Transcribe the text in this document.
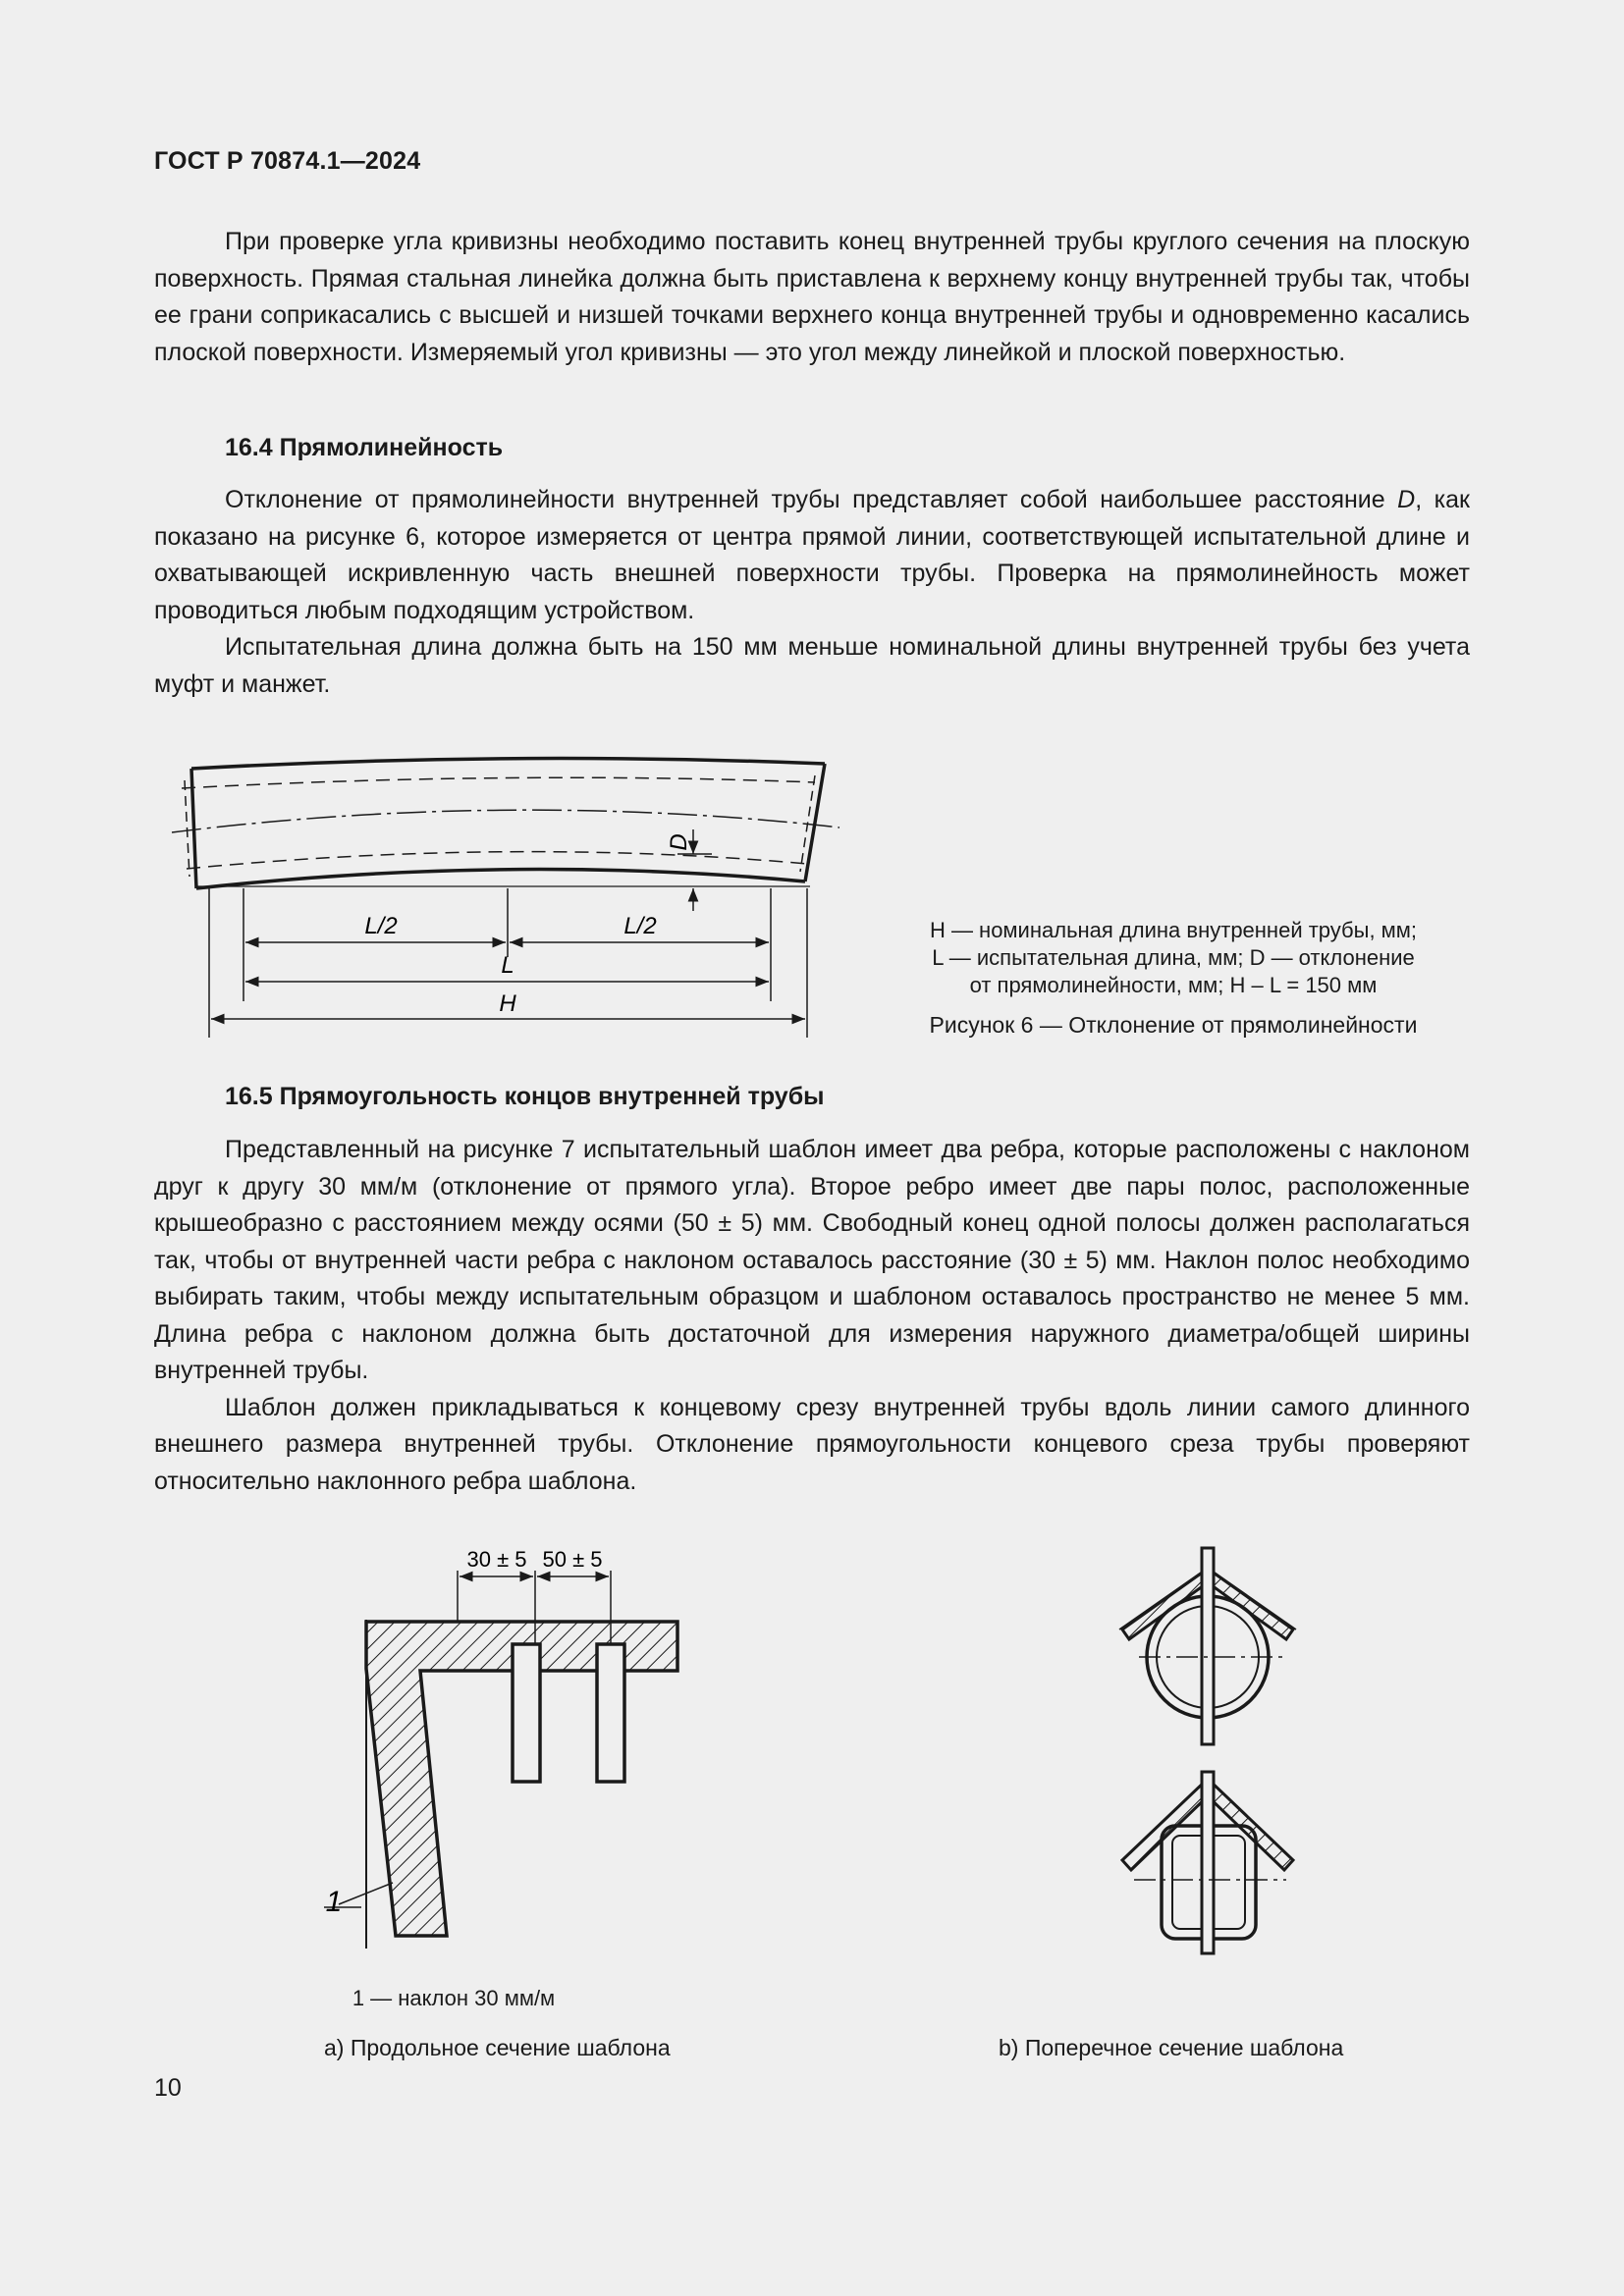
ГОСТ Р 70874.1—2024

При проверке угла кривизны необходимо поставить конец внутренней трубы круглого сечения на плоскую поверхность. Прямая стальная линейка должна быть приставлена к верхнему концу внутренней трубы так, чтобы ее грани соприкасались с высшей и низшей точками верхнего конца внутренней трубы и одновременно касались плоской поверхности. Измеряемый угол кривизны — это угол между линейкой и плоской поверхностью.

16.4 Прямолинейность

Отклонение от прямолинейности внутренней трубы представляет собой наибольшее расстояние D, как показано на рисунке 6, которое измеряется от центра прямой линии, соответствующей испытательной длине и охватывающей искривленную часть внешней поверхности трубы. Проверка на прямолинейность может проводиться любым подходящим устройством.

Испытательная длина должна быть на 150 мм меньше номинальной длины внутренней трубы без учета муфт и манжет.

L/2	L/2
L
H
D
H — номинальная длина внутренней трубы, мм;
L — испытательная длина, мм; D — отклонение
от прямолинейности, мм; H – L = 150 мм
Рисунок 6 — Отклонение от прямолинейности
16.5 Прямоугольность концов внутренней трубы

Представленный на рисунке 7 испытательный шаблон имеет два ребра, которые расположены с наклоном друг к другу 30 мм/м (отклонение от прямого угла). Второе ребро имеет две пары полос, расположенные крышеобразно с расстоянием между осями (50 ± 5) мм. Свободный конец одной полосы должен располагаться так, чтобы от внутренней части ребра с наклоном оставалось расстояние (30 ± 5) мм. Наклон полос необходимо выбирать таким, чтобы между испытательным образцом и шаблоном оставалось пространство не менее 5 мм. Длина ребра с наклоном должна быть достаточной для измерения наружного диаметра/общей ширины внутренней трубы.

Шаблон должен прикладываться к концевому срезу внутренней трубы вдоль линии самого длинного внешнего размера внутренней трубы. Отклонение прямоугольности концевого среза трубы проверяют относительно наклонного ребра шаблона.

30 ± 5 50 ± 5
1
1 — наклон 30 мм/м
a) Продольное сечение шаблона	b) Поперечное сечение шаблона
10
